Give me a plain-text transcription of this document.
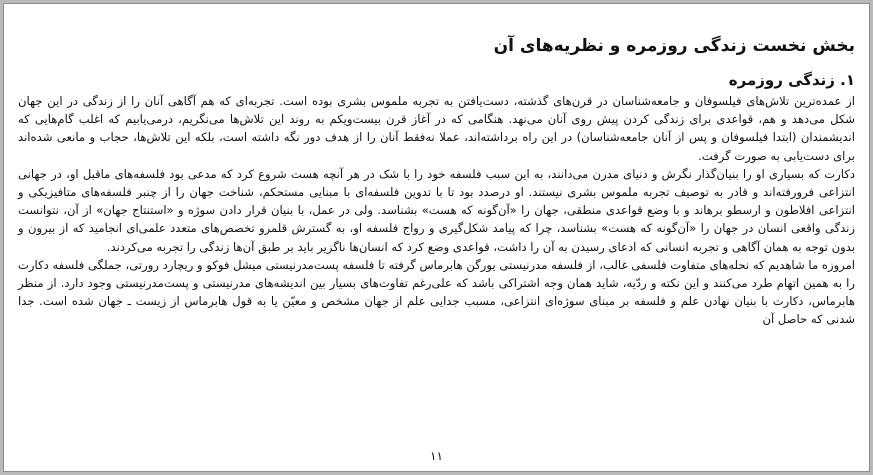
بخش نخست زندگی روزمره و نظریه‌های آن
۱. زندگی روزمره

از عمده‌ترین تلاش‌های فیلسوفان و جامعه‌شناسان در قرن‌های گذشته، دست‌یافتن به تجربه ملموس بشری بوده است. تجربه‌ای که هم آگاهی آنان را از زندگی در این جهان شکل می‌دهد و هم، قواعدی برای زندگی کردن پیش روی آنان می‌نهد. هنگامی که در آغاز قرن بیست‌ویکم به روند این تلاش‌ها می‌نگریم، درمی‌یابیم که اغلب گام‌هایی که اندیشمندان (ابتدا فیلسوفان و پس از آنان جامعه‌شناسان) در این راه برداشته‌اند، عملا نه‌فقط آنان را از هدف دور نگه داشته است، بلکه این تلاش‌ها، حجاب و مانعی شده‌اند برای دست‌یابی به صورت گرفت.

دکارت که بسیاری او را بنیان‌گذار نگرش و دنیای مدرن می‌دانند، به این سبب فلسفه خود را با شک در هر آنچه هست شروع کرد که مدعی بود فلسفه‌های ماقبل او، در جهانی انتزاعی فرورفته‌اند و قادر به توصیف تجربه ملموس بشری نیستند. او درصدد بود تا با تدوین فلسفه‌ای با مبنایی مستحکم، شناخت جهان را از چنبر فلسفه‌های متافیزیکی و انتزاعی افلاطون و ارسطو برهاند و با وضع قواعدی منطقی، جهان را «آن‌گونه که هست» بشناسد. ولی در عمل، با بنیان قرار دادن سوژه و «استنتاج جهان» از آن، نتوانست زندگی واقعی انسان در جهان را «آن‌گونه که هست» بشناسد، چرا که پیامد شکل‌گیری و رواج فلسفه او، به گسترش قلمرو تخصص‌های متعدد علمی‌ای انجامید که از بیرون و بدون توجه به همان آگاهی و تجربه انسانی که ادعای رسیدن به آن را داشت، قواعدی وضع کرد که انسان‌ها ناگزیر باید بر طبق آن‌ها زندگی را تجربه می‌کردند.

امروزه ما شاهدیم که نحله‌های متفاوت فلسفی غالب، از فلسفه مدرنیستی یورگن هابرماس گرفته تا فلسفه پست‌مدرنیستی میشل فوکو و ریچارد رورتی، جملگی فلسفه دکارت را به همین اتهام طرد می‌کنند و این نکته و ردّیه، شاید همان وجه اشتراکی باشد که علی‌رغم تفاوت‌های بسیار بین اندیشه‌های مدرنیستی و پست‌مدرنیستی وجود دارد. از منظر هابرماس، دکارت با بنیان نهادن علم و فلسفه بر مبنای سوژه‌ای انتزاعی، مسبب جدایی علم از جهان مشخص و معیّن یا به قول هابرماس از زیست ـ جهان شده است. جدا شدنی که حاصل آن

۱۱
